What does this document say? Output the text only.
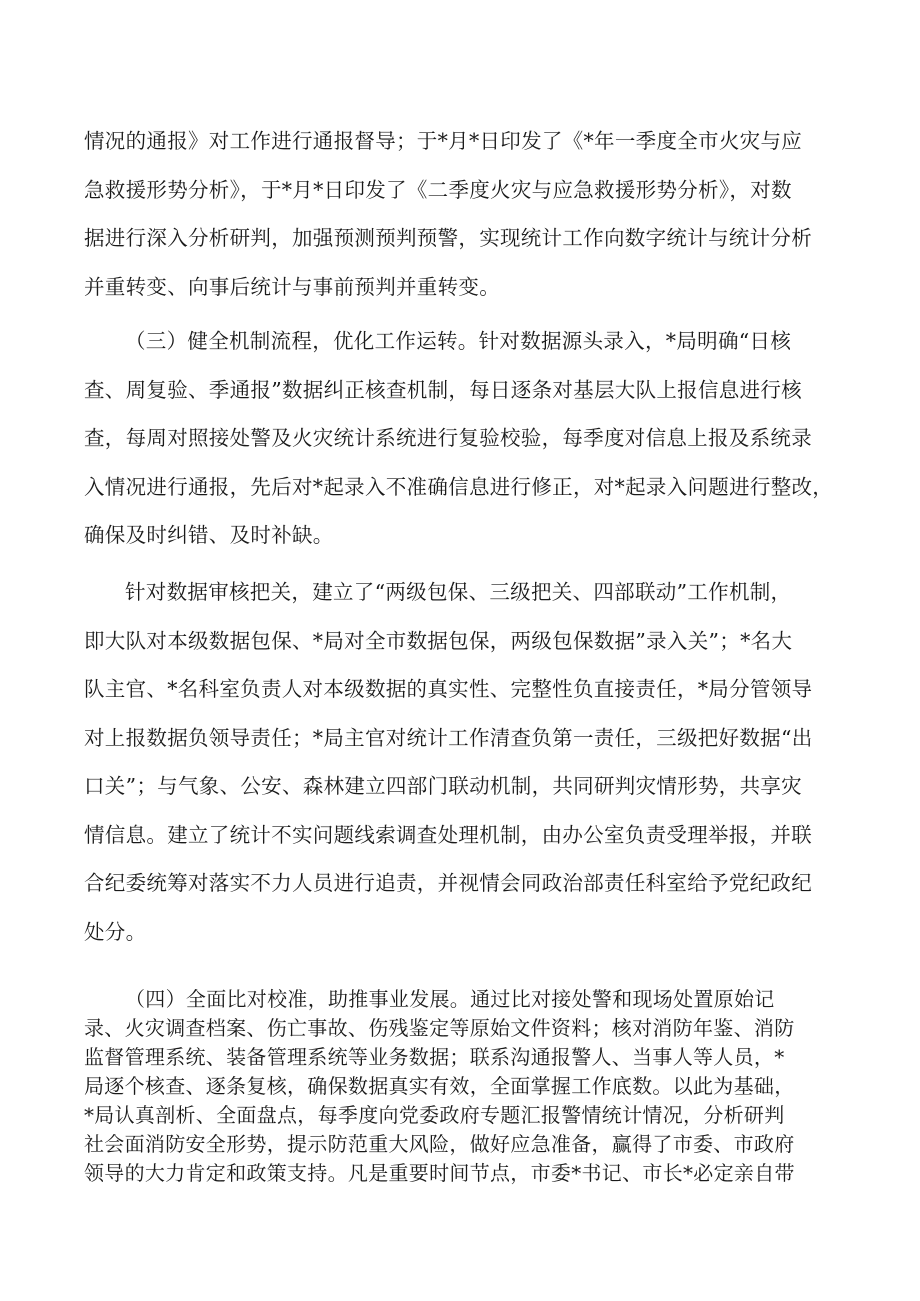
情况的通报》对工作进行通报督导；于*月*日印发了《*年一季度全市火灾与应
急救援形势分析》，于*月*日印发了《二季度火灾与应急救援形势分析》，对数
据进行深入分析研判，加强预测预判预警，实现统计工作向数字统计与统计分析
并重转变、向事后统计与事前预判并重转变。
（三）健全机制流程，优化工作运转。针对数据源头录入，*局明确“日核
查、周复验、季通报”数据纠正核查机制，每日逐条对基层大队上报信息进行核
查，每周对照接处警及火灾统计系统进行复验校验，每季度对信息上报及系统录
入情况进行通报，先后对*起录入不准确信息进行修正，对*起录入问题进行整改，
确保及时纠错、及时补缺。
针对数据审核把关，建立了“两级包保、三级把关、四部联动”工作机制，
即大队对本级数据包保、*局对全市数据包保，两级包保数据”录入关”；*名大
队主官、*名科室负责人对本级数据的真实性、完整性负直接责任，*局分管领导
对上报数据负领导责任；*局主官对统计工作清查负第一责任，三级把好数据“出
口关”；与气象、公安、森林建立四部门联动机制，共同研判灾情形势，共享灾
情信息。建立了统计不实问题线索调查处理机制，由办公室负责受理举报，并联
合纪委统筹对落实不力人员进行追责，并视情会同政治部责任科室给予党纪政纪
处分。
（四）全面比对校准，助推事业发展。通过比对接处警和现场处置原始记
录、火灾调查档案、伤亡事故、伤残鉴定等原始文件资料；核对消防年鉴、消防
监督管理系统、装备管理系统等业务数据；联系沟通报警人、当事人等人员，*
局逐个核查、逐条复核，确保数据真实有效，全面掌握工作底数。以此为基础，
*局认真剖析、全面盘点，每季度向党委政府专题汇报警情统计情况，分析研判
社会面消防安全形势，提示防范重大风险，做好应急准备，赢得了市委、市政府
领导的大力肯定和政策支持。凡是重要时间节点，市委*书记、市长*必定亲自带
